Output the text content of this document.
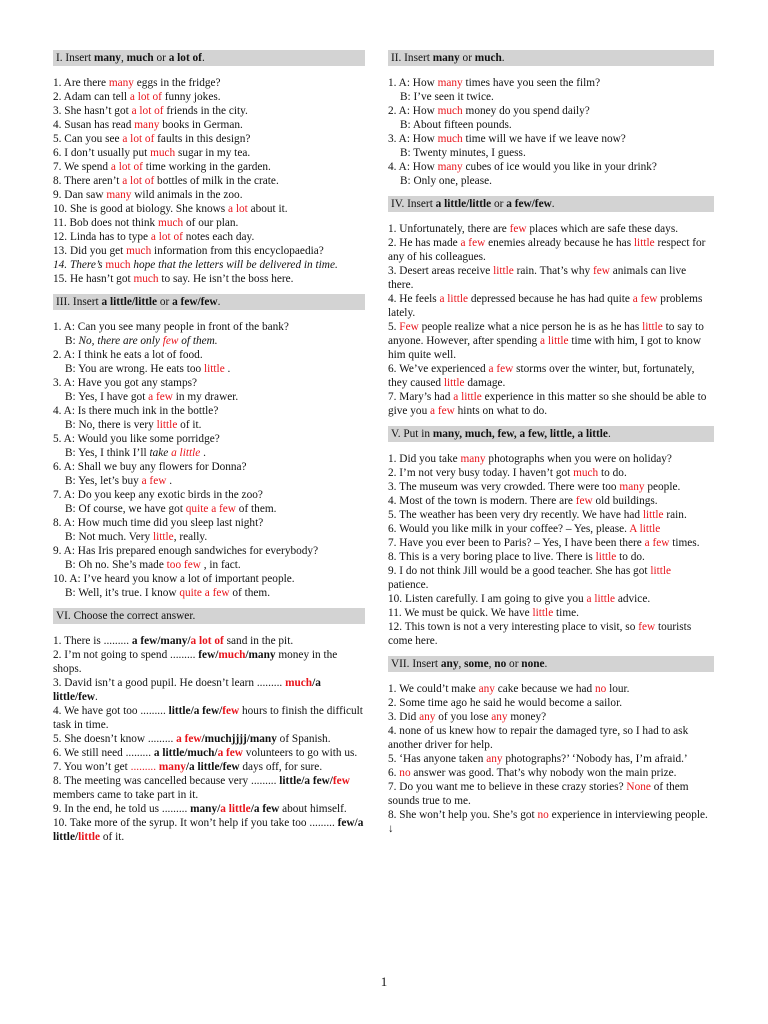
I. Insert many, much or a lot of.
1. Are there many eggs in the fridge?
2. Adam can tell a lot of funny jokes.
3. She hasn’t got a lot of friends in the city.
4. Susan has read many books in German.
5. Can you see a lot of faults in this design?
6. I don’t usually put much sugar in my tea.
7. We spend a lot of time working in the garden.
8. There aren’t a lot of bottles of milk in the crate.
9. Dan saw many wild animals in the zoo.
10. She is good at biology. She knows a lot about it.
11. Bob does not think much of our plan.
12. Linda has to type a lot of notes each day.
13. Did you get much information from this encyclopaedia?
14. There’s much hope that the letters will be delivered in time.
15. He hasn’t got much to say. He isn’t the boss here.
III. Insert a little/little or a few/few.
1. A: Can you see many people in front of the bank?
B: No, there are only few of them.
2. A: I think he eats a lot of food.
B: You are wrong. He eats too little .
3. A: Have you got any stamps?
B: Yes, I have got a few in my drawer.
4. A: Is there much ink in the bottle?
B: No, there is very little of it.
5. A: Would you like some porridge?
B: Yes, I think I’ll take a little .
6. A: Shall we buy any flowers for Donna?
B: Yes, let’s buy a few .
7. A: Do you keep any exotic birds in the zoo?
B: Of course, we have got quite a few of them.
8. A: How much time did you sleep last night?
B: Not much. Very little, really.
9. A: Has Iris prepared enough sandwiches for everybody?
B: Oh no. She’s made too few , in fact.
10. A: I’ve heard you know a lot of important people.
B: Well, it’s true. I know quite a few of them.
VI. Choose the correct answer.
1. There is ......... a few/many/a lot of sand in the pit.
2. I’m not going to spend ......... few/much/many money in the shops.
3. David isn’t a good pupil. He doesn’t learn ......... much/a little/few.
4. We have got too ......... little/a few/few hours to finish the difficult task in time.
5. She doesn’t know ......... a few/muchjjjj/many of Spanish.
6. We still need ......... a little/much/a few volunteers to go with us.
7. You won’t get ......... many/a little/few days off, for sure.
8. The meeting was cancelled because very ......... little/a few/few members came to take part in it.
9. In the end, he told us ......... many/a little/a few about himself.
10. Take more of the syrup. It won’t help if you take too ......... few/a little/little of it.
II. Insert many or much.
1. A: How many times have you seen the film?
B: I’ve seen it twice.
2. A: How much money do you spend daily?
B: About fifteen pounds.
3. A: How much time will we have if we leave now?
B: Twenty minutes, I guess.
4. A: How many cubes of ice would you like in your drink?
B: Only one, please.
IV. Insert a little/little or a few/few.
1. Unfortunately, there are few places which are safe these days.
2. He has made a few enemies already because he has little respect for any of his colleagues.
3. Desert areas receive little rain. That’s why few animals can live there.
4. He feels a little depressed because he has had quite a few problems lately.
5. Few people realize what a nice person he is as he has little to say to anyone. However, after spending a little time with him, I got to know him quite well.
6. We’ve experienced a few storms over the winter, but, fortunately, they caused little damage.
7. Mary’s had a little experience in this matter so she should be able to give you a few hints on what to do.
V. Put in many, much, few, a few, little, a little.
1. Did you take many photographs when you were on holiday?
2. I’m not very busy today. I haven’t got much to do.
3. The museum was very crowded. There were too many people.
4. Most of the town is modern. There are few old buildings.
5. The weather has been very dry recently. We have had little rain.
6. Would you like milk in your coffee? – Yes, please. A little
7. Have you ever been to Paris? – Yes, I have been there a few times.
8. This is a very boring place to live. There is little to do.
9. I do not think Jill would be a good teacher. She has got little patience.
10. Listen carefully. I am going to give you a little advice.
11. We must be quick. We have little time.
12. This town is not a very interesting place to visit, so few tourists come here.
VII. Insert any, some, no or none.
1. We could’t make any cake because we had no lour.
2. Some time ago he said he would become a sailor.
3. Did any of you lose any money?
4. none of us knew how to repair the damaged tyre, so I had to ask another driver for help.
5. ‘Has anyone taken any photographs?’ ‘Nobody has, I’m afraid.’
6. no answer was good. That’s why nobody won the main prize.
7. Do you want me to believe in these crazy stories? None of them sounds true to me.
8. She won’t help you. She’s got no experience in interviewing people. ↓
1
